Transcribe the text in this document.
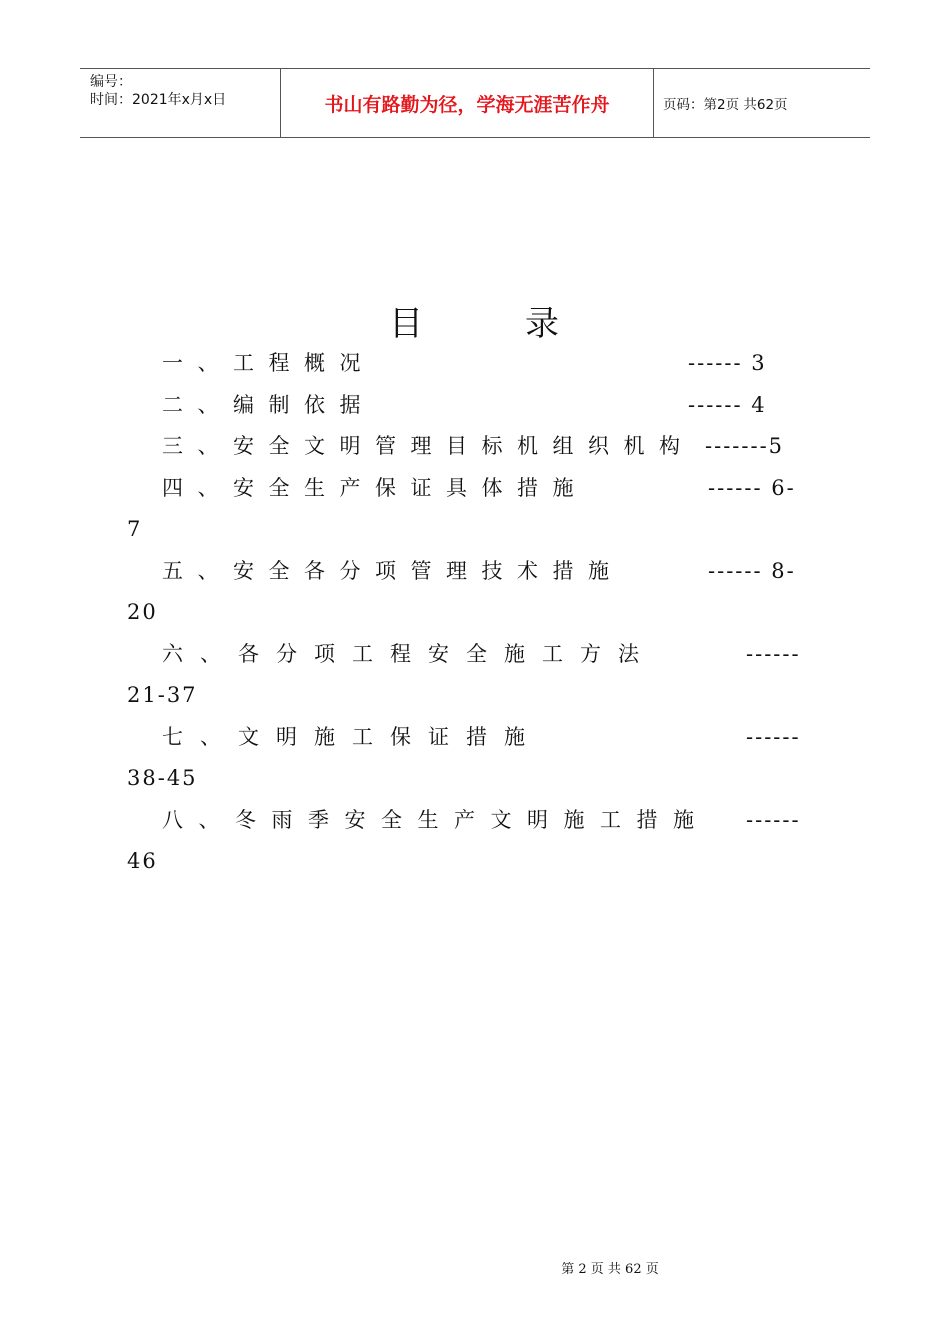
编号：
时间：2021年x月x日	书山有路勤为径，学海无涯苦作舟	页码：第2页 共62页
目	录
一、工程概况	------ 3
二、编制依据	------ 4
三、安全文明管理目标机组织机构 -------5
四、安全生产保证具体措施	------ 6-
7
五、安全各分项管理技术措施	------ 8-
20
六、各分项工程安全施工方法	------
21-37
七、文明施工保证措施	------
38-45
八、冬雨季安全生产文明施工措施 ------
46
第 2 页 共 62 页
